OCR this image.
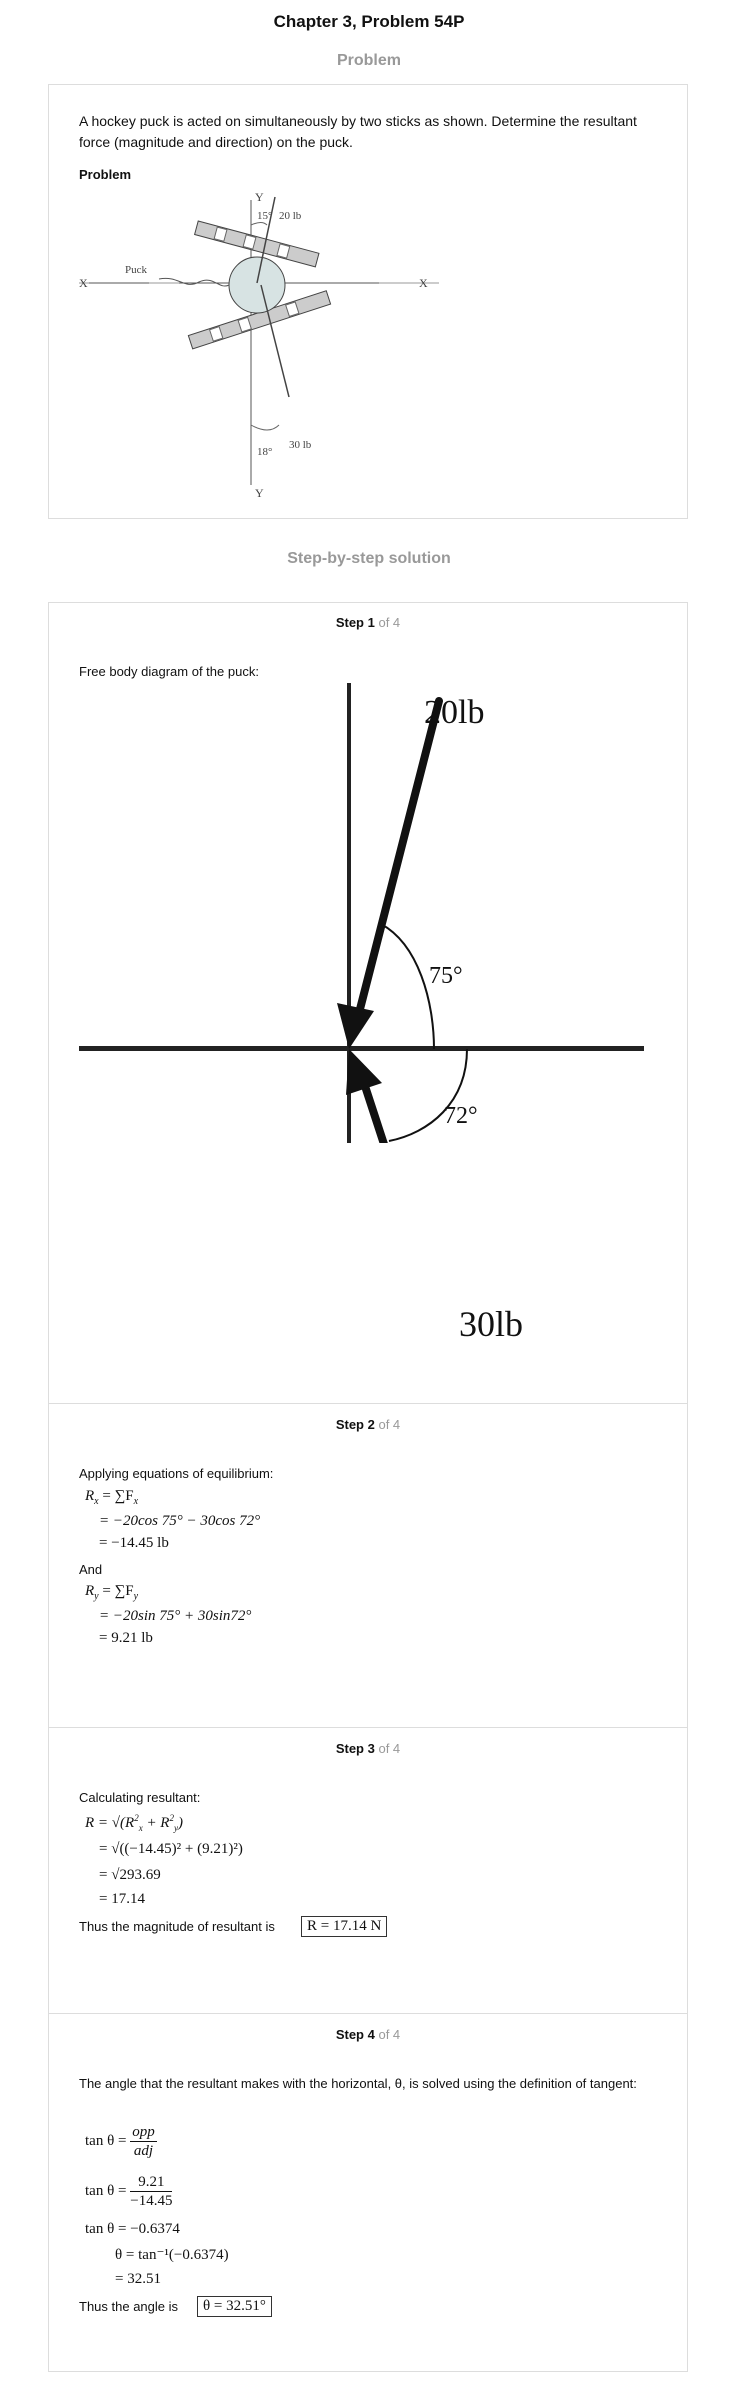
Chapter 3, Problem 54P
Problem
A hockey puck is acted on simultaneously by two sticks as shown. Determine the resultant force (magnitude and direction) on the puck.
Problem
Y
Y
X	X
15° 20 lb
Puck
18°
30 lb
Step-by-step solution
Step 1 of 4
Free body diagram of the puck:
20lb
75°
72°
30lb
Step 2 of 4
Applying equations of equilibrium:
$R_x = \sum F_x$
= −20cos 75° − 30cos 72°
= −14.45 lb
And
$R_y = \sum F_y$
= −20sin 75° + 30sin72°
= 9.21 lb
Step 3 of 4
Calculating resultant:
$R = √(R^2_x + R^2_y)$
= √((−14.45)² + (9.21)²)
= √293.69
= 17.14
Thus the magnitude of resultant is	R = 17.14 N
Step 4 of 4
The angle that the resultant makes with the horizontal, θ, is solved using the definition of tangent:
$\tan \theta = \frac{\text{opp}}{\text{adj}}$
$\tan \theta = \frac{9.21}{-14.45}$
tan θ = −0.6374
θ = tan⁻¹(−0.6374)
= 32.51
Thus the angle is	θ = 32.51°
